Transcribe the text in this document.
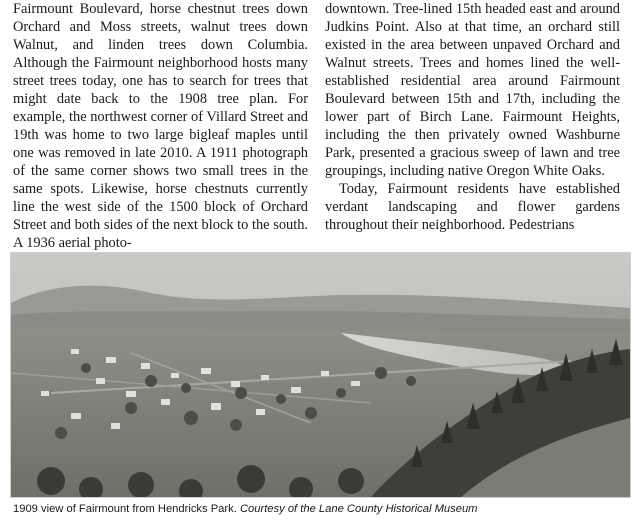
Fairmount Boulevard, horse chestnut trees down Orchard and Moss streets, walnut trees down Walnut, and linden trees down Columbia. Although the Fairmount neighborhood hosts many street trees today, one has to search for trees that might date back to the 1908 tree plan. For example, the northwest corner of Villard Street and 19th was home to two large bigleaf maples until one was removed in late 2010. A 1911 photograph of the same corner shows two small trees in the same spots. Likewise, horse chestnuts currently line the west side of the 1500 block of Orchard Street and both sides of the next block to the south. A 1936 aerial photo-

downtown. Tree-lined 15th headed east and around Judkins Point. Also at that time, an orchard still existed in the area between unpaved Orchard and Walnut streets. Trees and homes lined the well-established residential area around Fairmount Boulevard between 15th and 17th, including the lower part of Birch Lane. Fairmount Heights, including the then privately owned Washburne Park, presented a gracious sweep of lawn and tree groupings, including native Oregon White Oaks.

Today, Fairmount residents have established verdant landscaping and flower gardens throughout their neighborhood. Pedestrians

1909 view of Fairmount from Hendricks Park. Courtesy of the Lane County Historical Museum
